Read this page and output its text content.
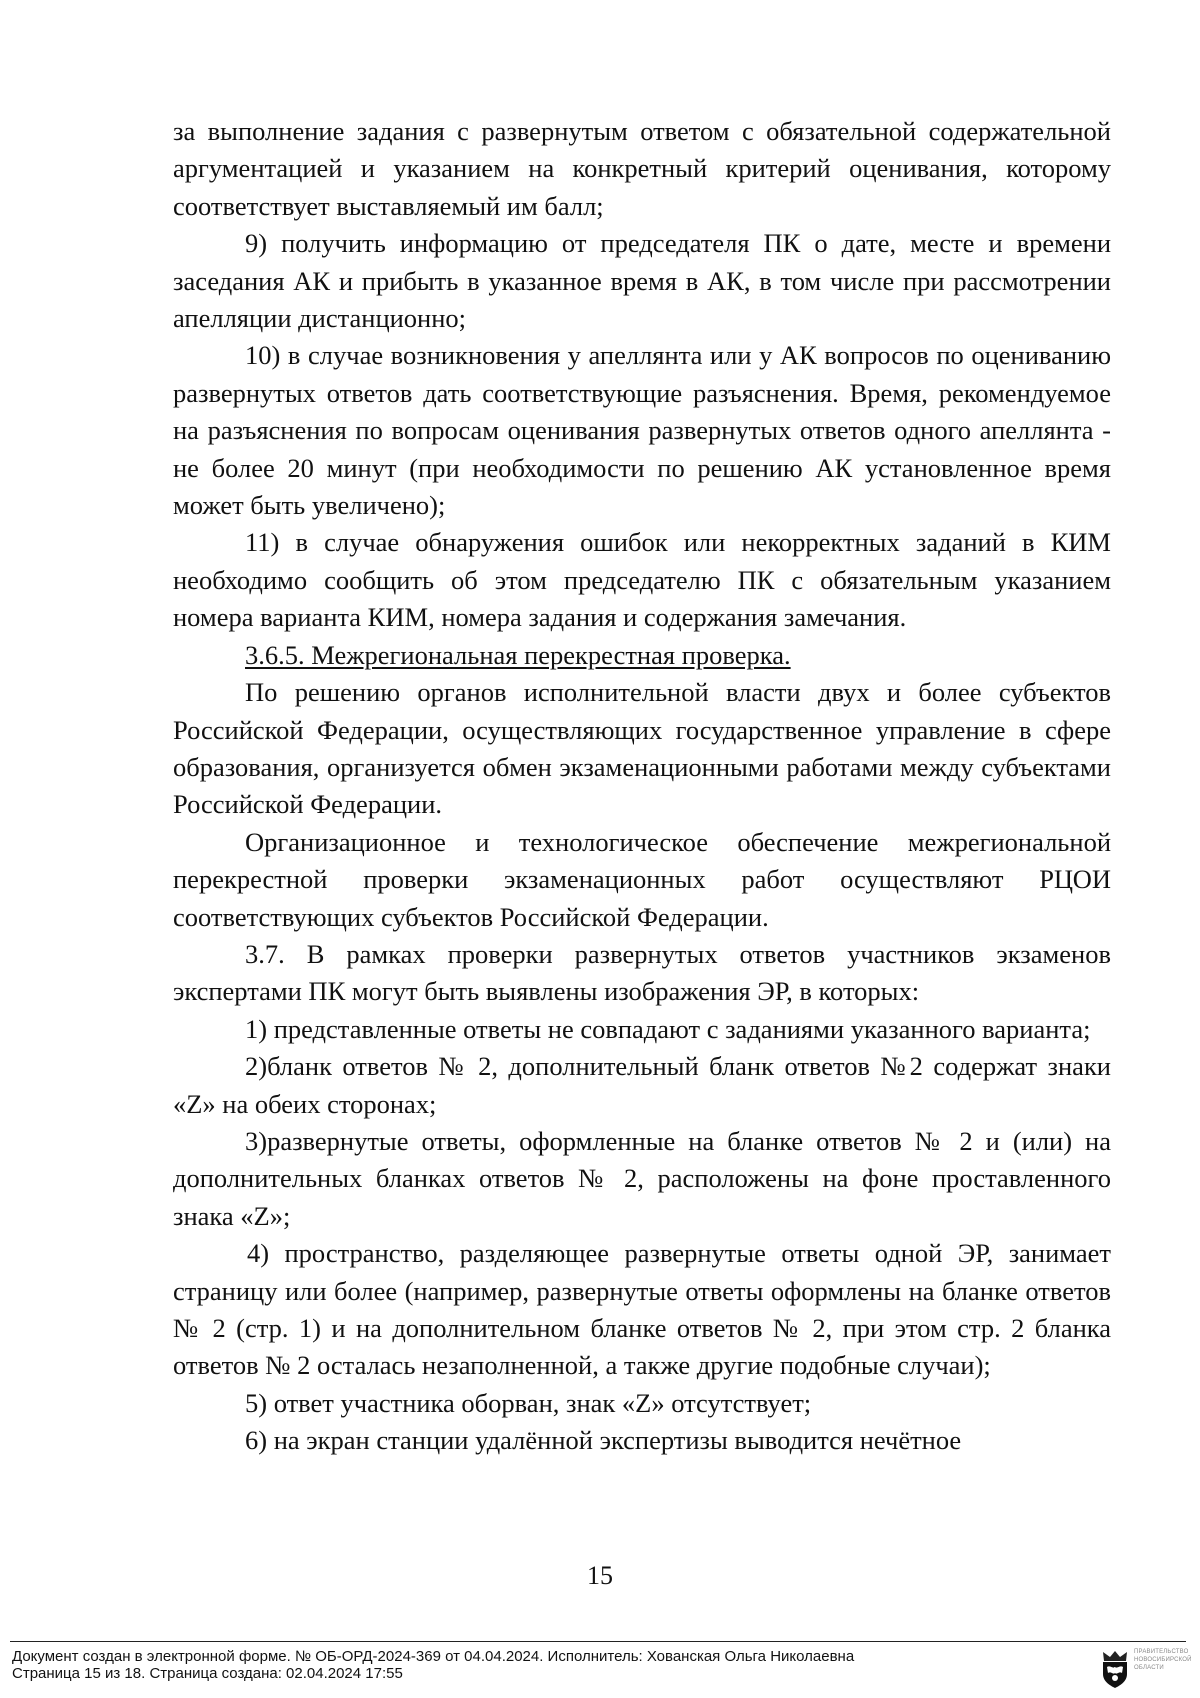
за выполнение задания с развернутым ответом с обязательной содержательной аргументацией и указанием на конкретный критерий оценивания, которому соответствует выставляемый им балл;

9) получить информацию от председателя ПК о дате, месте и времени заседания АК и прибыть в указанное время в АК, в том числе при рассмотрении апелляции дистанционно;

10) в случае возникновения у апеллянта или у АК вопросов по оцениванию развернутых ответов дать соответствующие разъяснения. Время, рекомендуемое на разъяснения по вопросам оценивания развернутых ответов одного апеллянта - не более 20 минут (при необходимости по решению АК установленное время может быть увеличено);

11) в случае обнаружения ошибок или некорректных заданий в КИМ необходимо сообщить об этом председателю ПК с обязательным указанием номера варианта КИМ, номера задания и содержания замечания.

3.6.5. Межрегиональная перекрестная проверка.

По решению органов исполнительной власти двух и более субъектов Российской Федерации, осуществляющих государственное управление в сфере образования, организуется обмен экзаменационными работами между субъектами Российской Федерации.

Организационное и технологическое обеспечение межрегиональной перекрестной проверки экзаменационных работ осуществляют РЦОИ соответствующих субъектов Российской Федерации.

3.7. В рамках проверки развернутых ответов участников экзаменов экспертами ПК могут быть выявлены изображения ЭР, в которых:

1) представленные ответы не совпадают с заданиями указанного варианта;

2)бланк ответов № 2, дополнительный бланк ответов №2 содержат знаки «Z» на обеих сторонах;

3)развернутые ответы, оформленные на бланке ответов № 2 и (или) на дополнительных бланках ответов № 2, расположены на фоне проставленного знака «Z»;

4) пространство, разделяющее развернутые ответы одной ЭР, занимает страницу или более (например, развернутые ответы оформлены на бланке ответов № 2 (стр. 1) и на дополнительном бланке ответов № 2, при этом стр. 2 бланка ответов № 2 осталась незаполненной, а также другие подобные случаи);

5) ответ участника оборван, знак «Z» отсутствует;

6) на экран станции удалённой экспертизы выводится нечётное

15
Документ создан в электронной форме. № ОБ-ОРД-2024-369 от 04.04.2024. Исполнитель: Хованская Ольга Николаевна
Страница 15 из 18. Страница создана: 02.04.2024 17:55
ПРАВИТЕЛЬСТВО
НОВОСИБИРСКОЙ
ОБЛАСТИ
